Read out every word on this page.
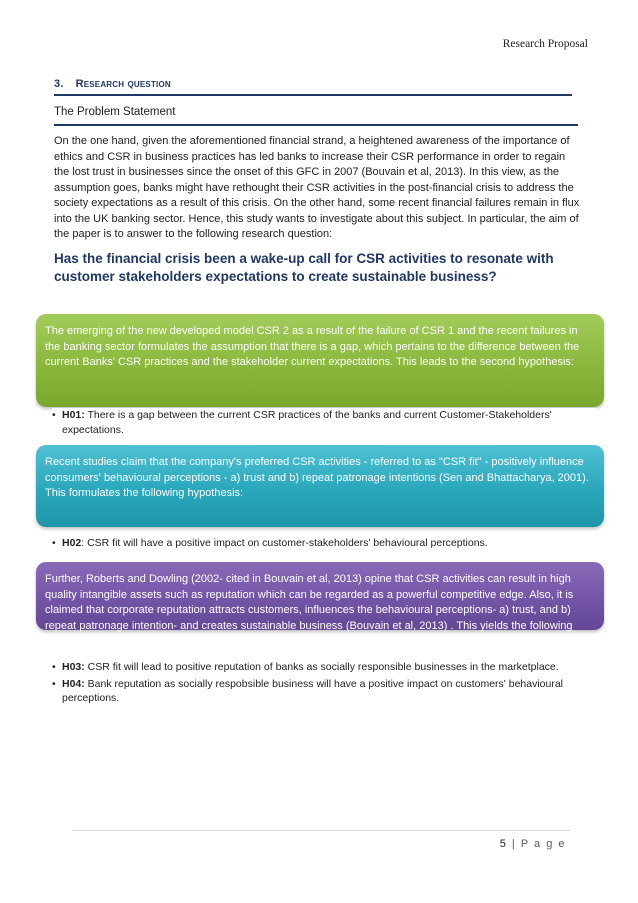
Research Proposal
3. Research question
The Problem Statement
On the one hand, given the aforementioned financial strand, a heightened awareness of the importance of ethics and CSR in business practices has led banks to increase their CSR performance in order to regain the lost trust in businesses since the onset of this GFC in 2007 (Bouvain et al, 2013). In this view, as the assumption goes, banks might have rethought their CSR activities in the post-financial crisis to address the society expectations as a result of this crisis. On the other hand, some recent financial failures remain in flux into the UK banking sector. Hence, this study wants to investigate about this subject. In particular, the aim of the paper is to answer to the following research question:
Has the financial crisis been a wake-up call for CSR activities to resonate with customer stakeholders expectations to create sustainable business?
The emerging of the new developed model CSR 2 as a result of the failure of CSR 1 and the recent failures in the banking sector formulates the assumption that there is a gap, which pertains to the difference between the current Banks' CSR practices and the stakeholder current expectations. This leads to the second hypothesis:
• H01: There is a gap between the current CSR practices of the banks and current Customer-Stakeholders' expectations.
Recent studies claim that the company's preferred CSR activities - referred to as "CSR fit" - positively influence consumers' behavioural perceptions - a) trust and b) repeat patronage intentions (Sen and Bhattacharya, 2001). This formulates the following hypothesis:
• H02: CSR fit will have a positive impact on customer-stakeholders' behavioural perceptions.
Further, Roberts and Dowling (2002- cited in Bouvain et al, 2013) opine that CSR activities can result in high quality intangible assets such as reputation which can be regarded as a powerful competitive edge. Also, it is claimed that corporate reputation attracts customers, influences the behavioural perceptions- a) trust, and b) repeat patronage intention- and creates sustainable business (Bouvain et al, 2013) . This yields the following hypotheses:
• H03: CSR fit will lead to positive reputation of banks as socially responsible businesses in the marketplace.
• H04: Bank reputation as socially respobsible business will have a positive impact on customers' behavioural perceptions.
5 | P a g e
